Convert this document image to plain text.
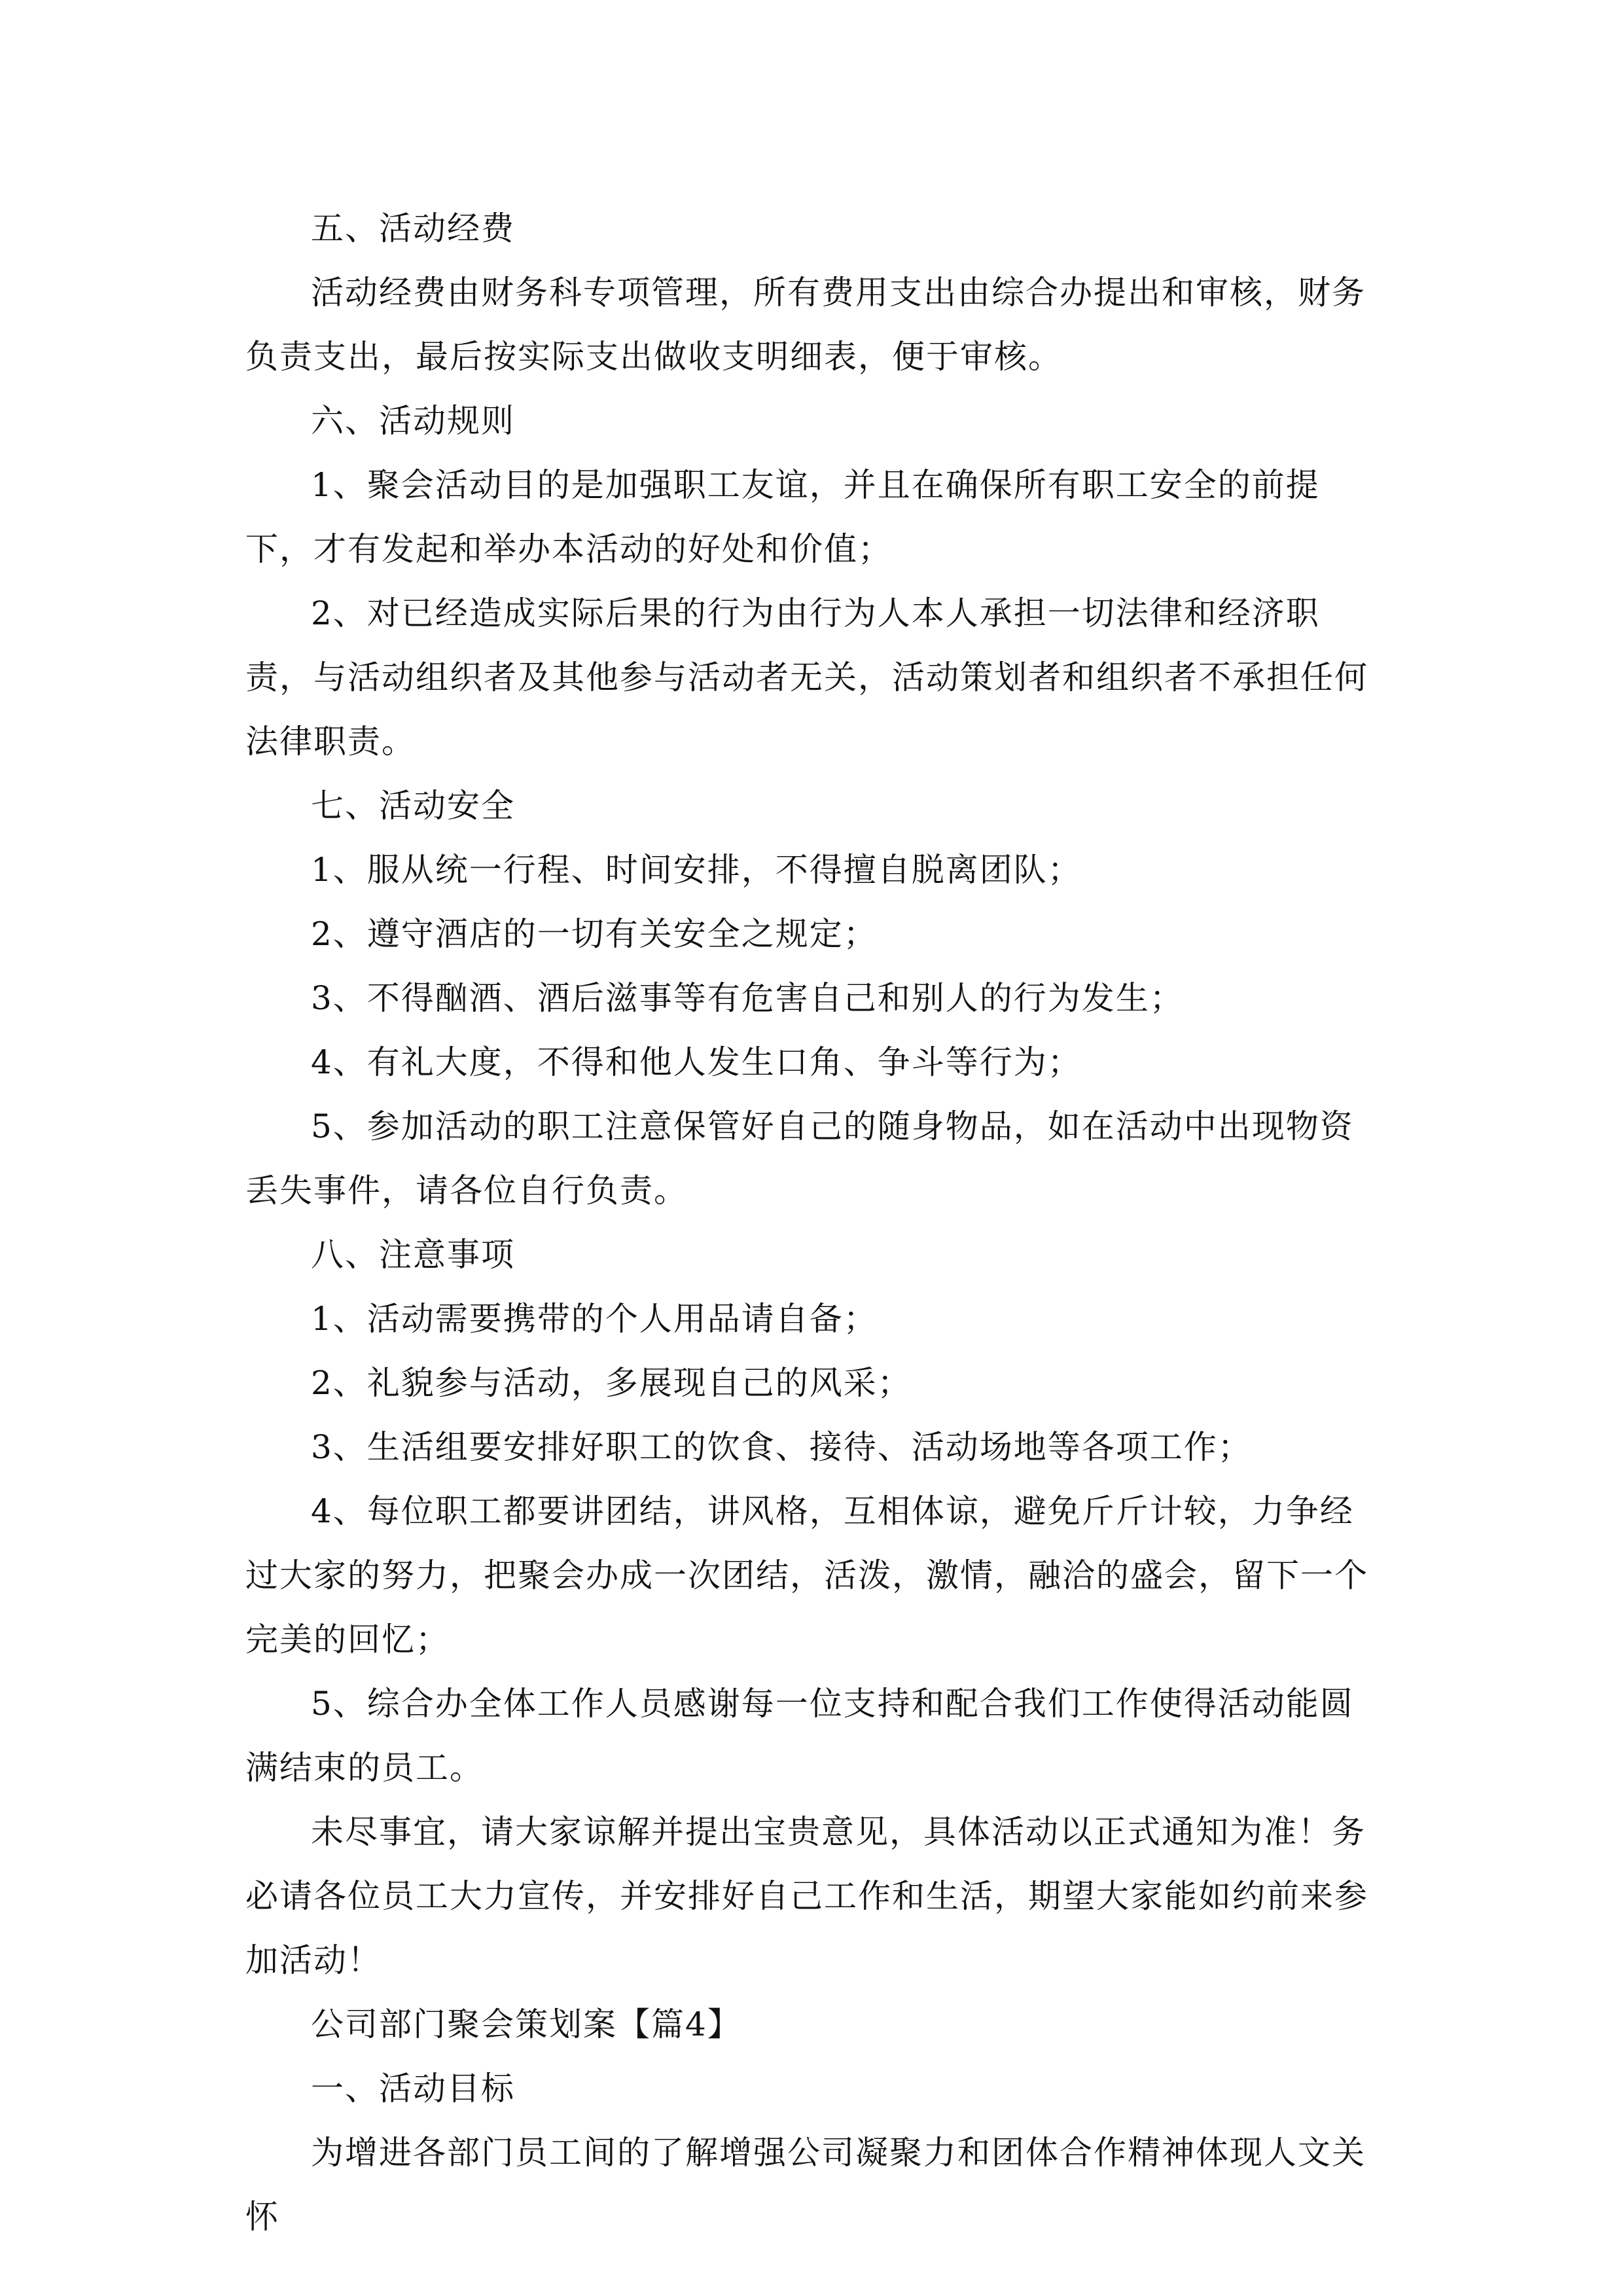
五、活动经费

活动经费由财务科专项管理，所有费用支出由综合办提出和审核，财务负责支出，最后按实际支出做收支明细表，便于审核。

六、活动规则

1、聚会活动目的是加强职工友谊，并且在确保所有职工安全的前提下，才有发起和举办本活动的好处和价值；

2、对已经造成实际后果的行为由行为人本人承担一切法律和经济职责，与活动组织者及其他参与活动者无关，活动策划者和组织者不承担任何法律职责。

七、活动安全

1、服从统一行程、时间安排，不得擅自脱离团队；

2、遵守酒店的一切有关安全之规定；

3、不得酗酒、酒后滋事等有危害自己和别人的行为发生；

4、有礼大度，不得和他人发生口角、争斗等行为；

5、参加活动的职工注意保管好自己的随身物品，如在活动中出现物资丢失事件，请各位自行负责。

八、注意事项

1、活动需要携带的个人用品请自备；

2、礼貌参与活动，多展现自己的风采；

3、生活组要安排好职工的饮食、接待、活动场地等各项工作；

4、每位职工都要讲团结，讲风格，互相体谅，避免斤斤计较，力争经过大家的努力，把聚会办成一次团结，活泼，激情，融洽的盛会，留下一个完美的回忆；

5、综合办全体工作人员感谢每一位支持和配合我们工作使得活动能圆满结束的员工。

未尽事宜，请大家谅解并提出宝贵意见，具体活动以正式通知为准！务必请各位员工大力宣传，并安排好自己工作和生活，期望大家能如约前来参加活动！

公司部门聚会策划案【篇4】

一、活动目标

为增进各部门员工间的了解增强公司凝聚力和团体合作精神体现人文关怀
